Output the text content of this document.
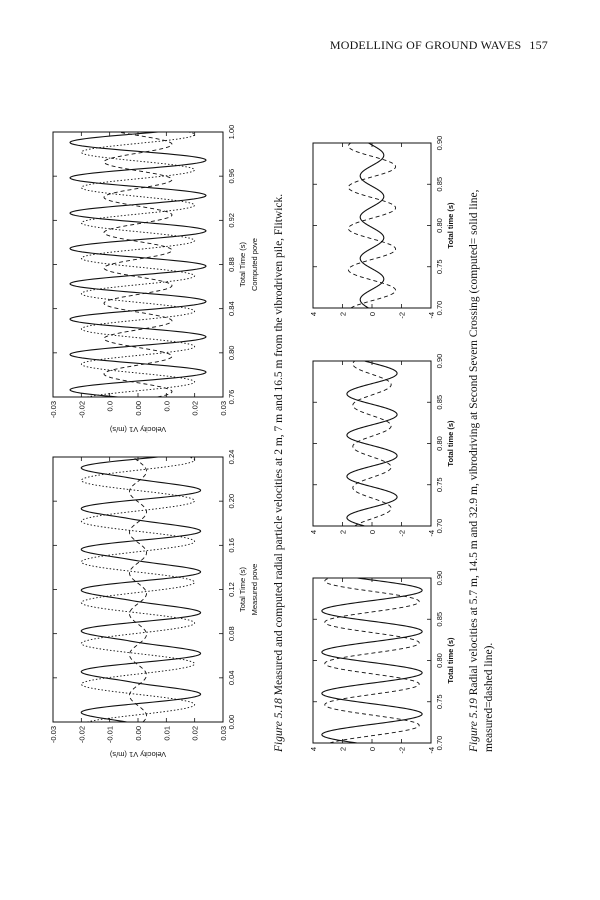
MODELLING OF GROUND WAVES 157
0.00
0.04
0.08
0.12
0.16
0.20
0.24
-0.03	-0.02	-0.01	0.00	0.01	0.02	0.03
Total Time (s) Measured pove
Velocity V1 (m/s)
0.76
0.80
0.84
0.88
0.92
0.96
1.00
-0.03	-0.02	0.0	0.00	0.0	0.02	0.03
Total Time (s) Computed pove
Velocity V1 (m/s)
Figure 5.18 Measured and computed radial particle velocities at 2 m, 7 m and 16.5 m from the vibrodriven pile, Flitwick.
0.70
0.75
0.80
0.85
0.90
4	2	0	-2	-4
Total time (s)
0.70
0.75
0.80
0.85
0.90
4	2	0	-2	-4
Total time (s)
0.70
0.75
0.80
0.85
0.90
4	2	0	-2	-4
Total time (s)
Figure 5.19 Radial velocities at 5.7 m, 14.5 m and 32.9 m, vibrodriving at Second Severn Crossing (computed= solid line, measured=dashed line).
